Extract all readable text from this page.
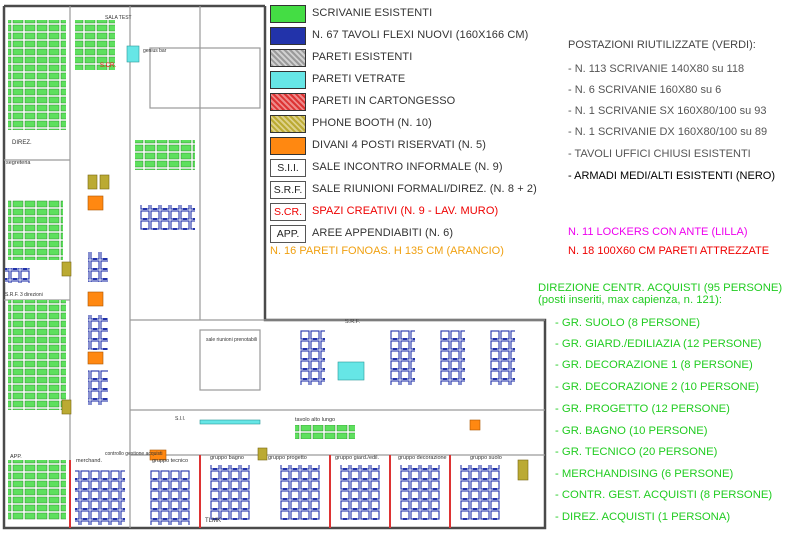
SALA TEST
genius bar
DIREZ.
segreteria
S.R.F. 3 direzioni
sale riunioni prenotabili
tavolo alto lungo
merchand.
controllo gestione acquisti
gruppo tecnico	gruppo bagno	gruppo progetto	gruppo giard./edil.	gruppo decorazione	gruppo suolo
TLMK
S.CR.
S.R.F.
S.I.I.
APP.
SCRIVANIE ESISTENTI
N. 67 TAVOLI FLEXI NUOVI (160X166 CM)
PARETI ESISTENTI
PARETI VETRATE
PARETI IN CARTONGESSO
PHONE BOOTH (N. 10)
DIVANI 4 POSTI RISERVATI (N. 5)
S.I.I.	SALE INCONTRO INFORMALE (N. 9)
S.R.F. SALE RIUNIONI FORMALI/DIREZ. (N. 8 + 2)
S.CR. SPAZI CREATIVI (N. 9 - LAV. MURO)
APP.	AREE APPENDIABITI (N. 6)
N. 16 PARETI FONOAS. H 135 CM (ARANCIO)
N. 11 LOCKERS CON ANTE (LILLA)
N. 18 100X60 CM PARETI ATTREZZATE
POSTAZIONI RIUTILIZZATE (VERDI):
- N. 113 SCRIVANIE 140X80 su 118
- N. 6 SCRIVANIE 160X80 su 6
- N. 1 SCRIVANIE SX 160X80/100 su 93
- N. 1 SCRIVANIE DX 160X80/100 su 89
- TAVOLI UFFICI CHIUSI ESISTENTI
- ARMADI MEDI/ALTI ESISTENTI (NERO)
DIREZIONE CENTR. ACQUISTI (95 PERSONE)
(posti inseriti, max capienza, n. 121):
- GR. SUOLO (8 PERSONE)
- GR. GIARD./EDILIAZIA (12 PERSONE)
- GR. DECORAZIONE 1 (8 PERSONE)
- GR. DECORAZIONE 2 (10 PERSONE)
- GR. PROGETTO (12 PERSONE)
- GR. BAGNO (10 PERSONE)
- GR. TECNICO (20 PERSONE)
- MERCHANDISING (6 PERSONE)
- CONTR. GEST. ACQUISTI (8 PERSONE)
- DIREZ. ACQUISTI (1 PERSONA)
